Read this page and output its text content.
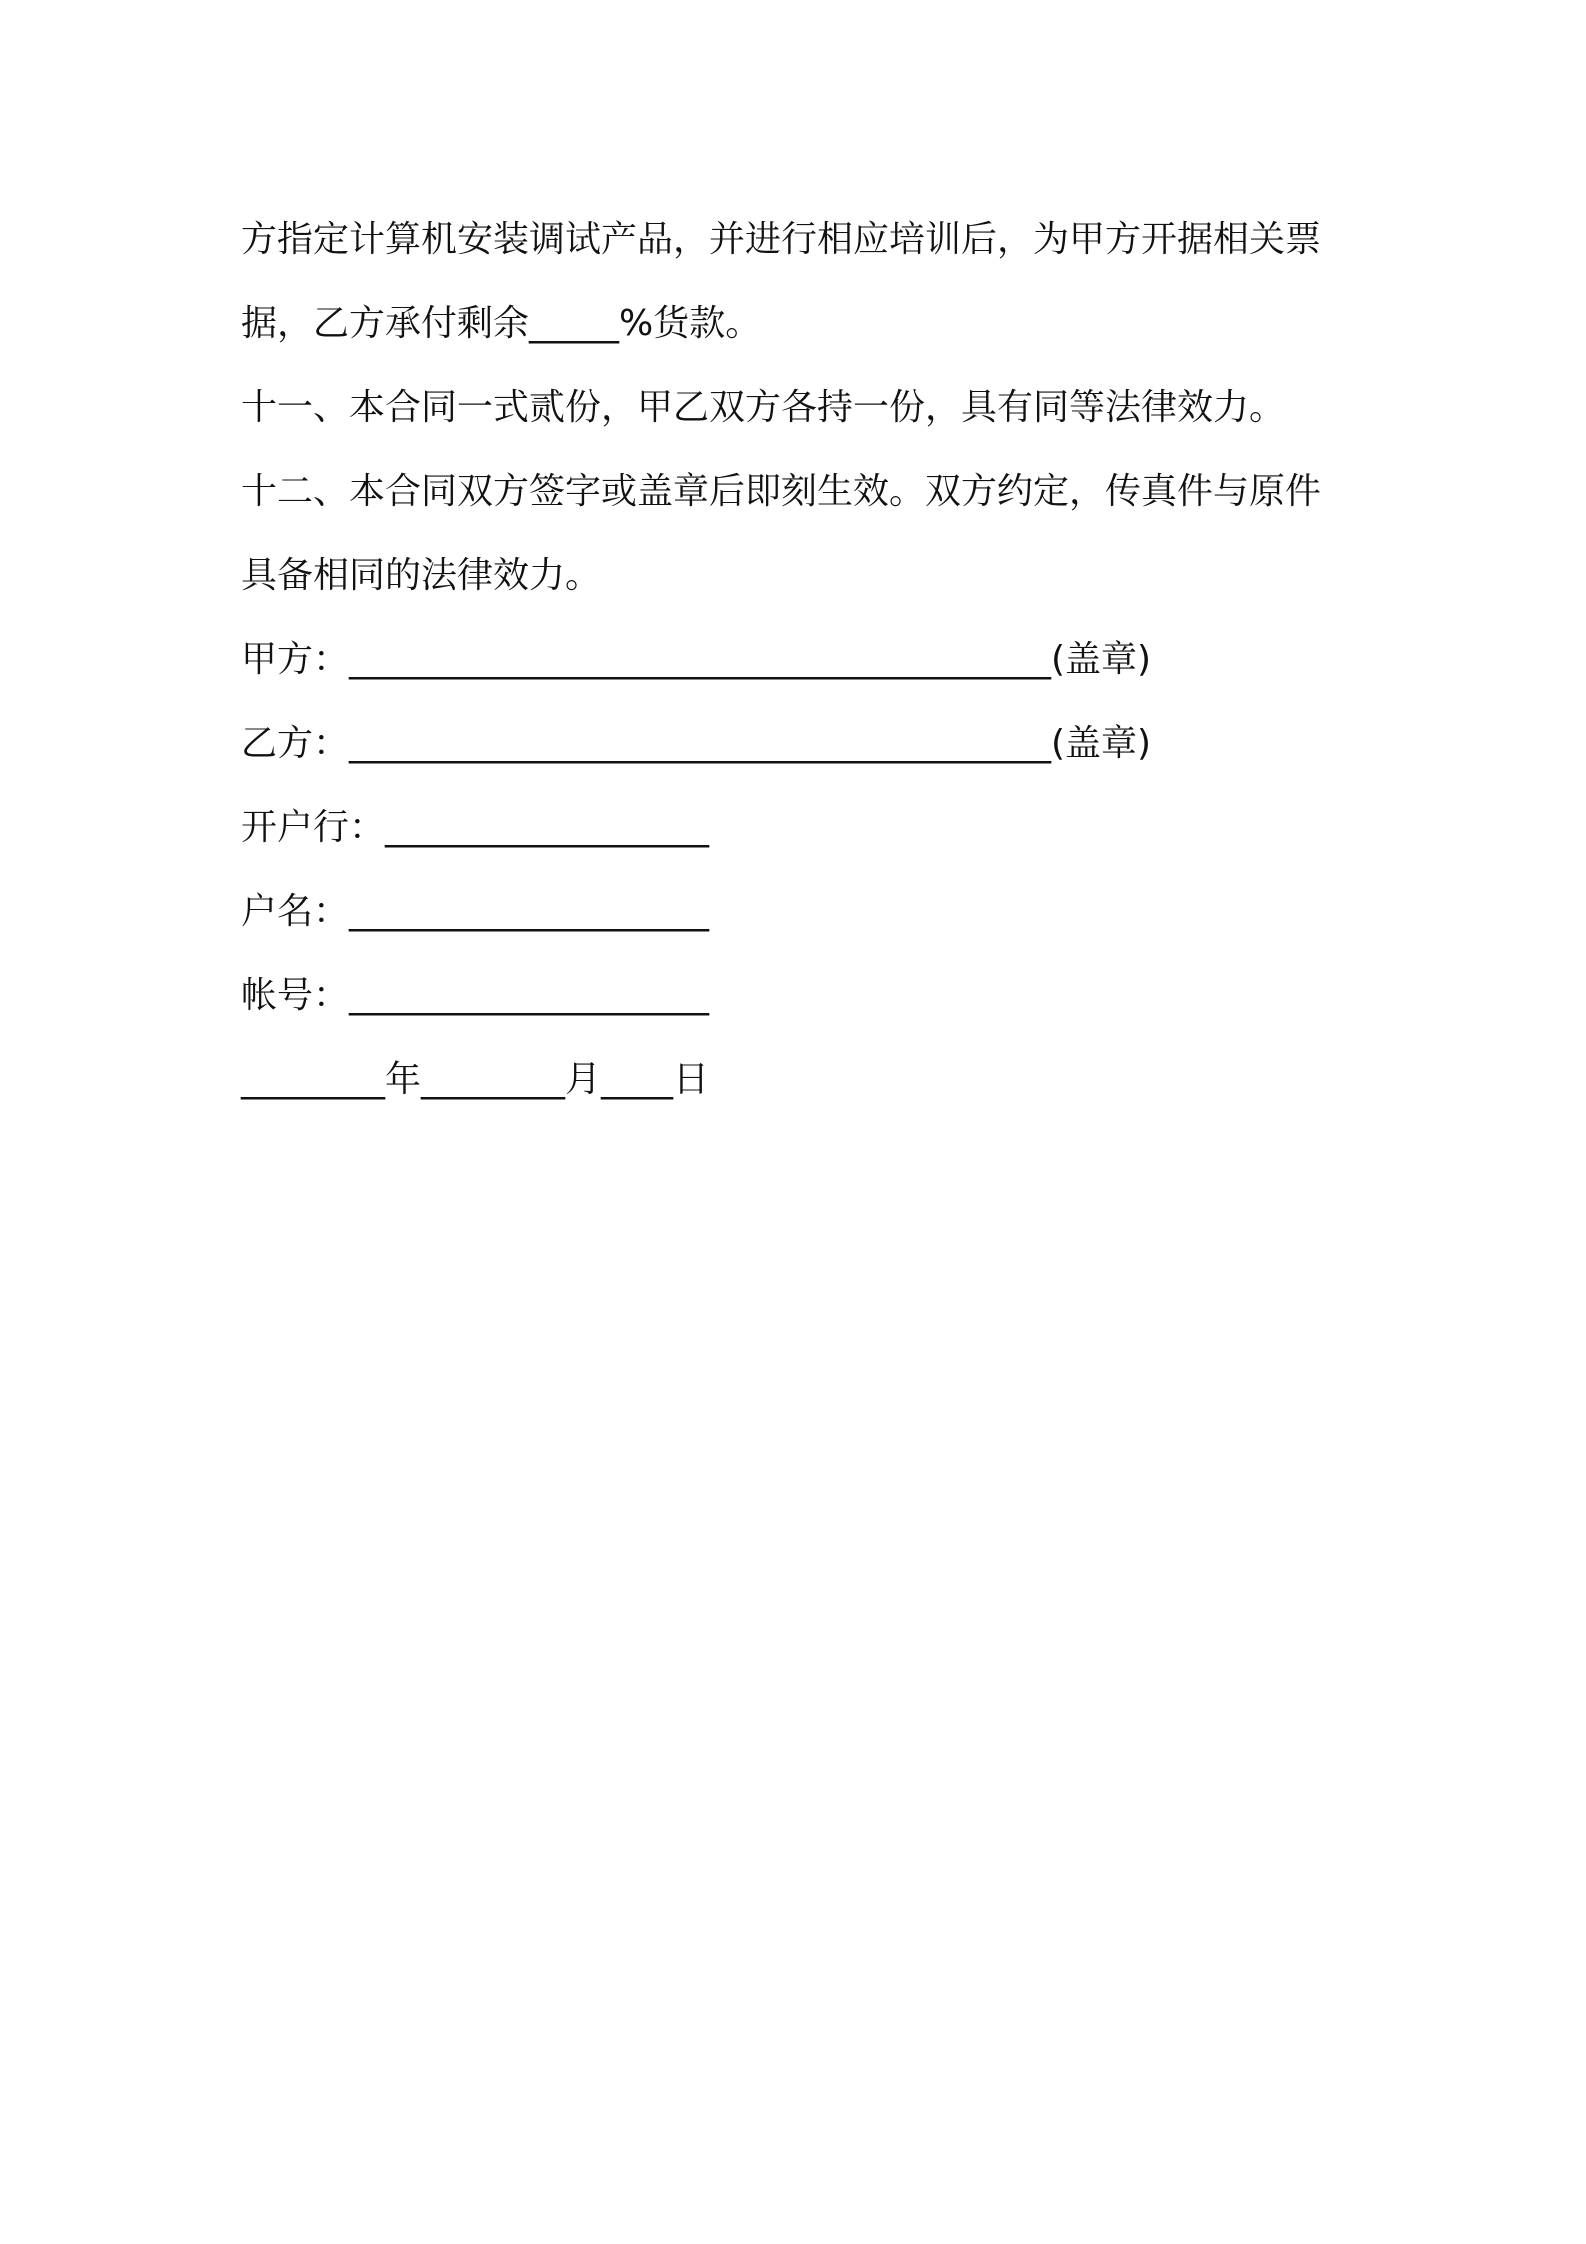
方指定计算机安装调试产品，并进行相应培训后，为甲方开据相关票
据，乙方承付剩余_____%货款。
十一、本合同一式贰份，甲乙双方各持一份，具有同等法律效力。
十二、本合同双方签字或盖章后即刻生效。双方约定，传真件与原件
具备相同的法律效力。
甲方：_______________________________________(盖章)
乙方：_______________________________________(盖章)
开户行：__________________
户名：____________________
帐号：____________________
________年________月____日
